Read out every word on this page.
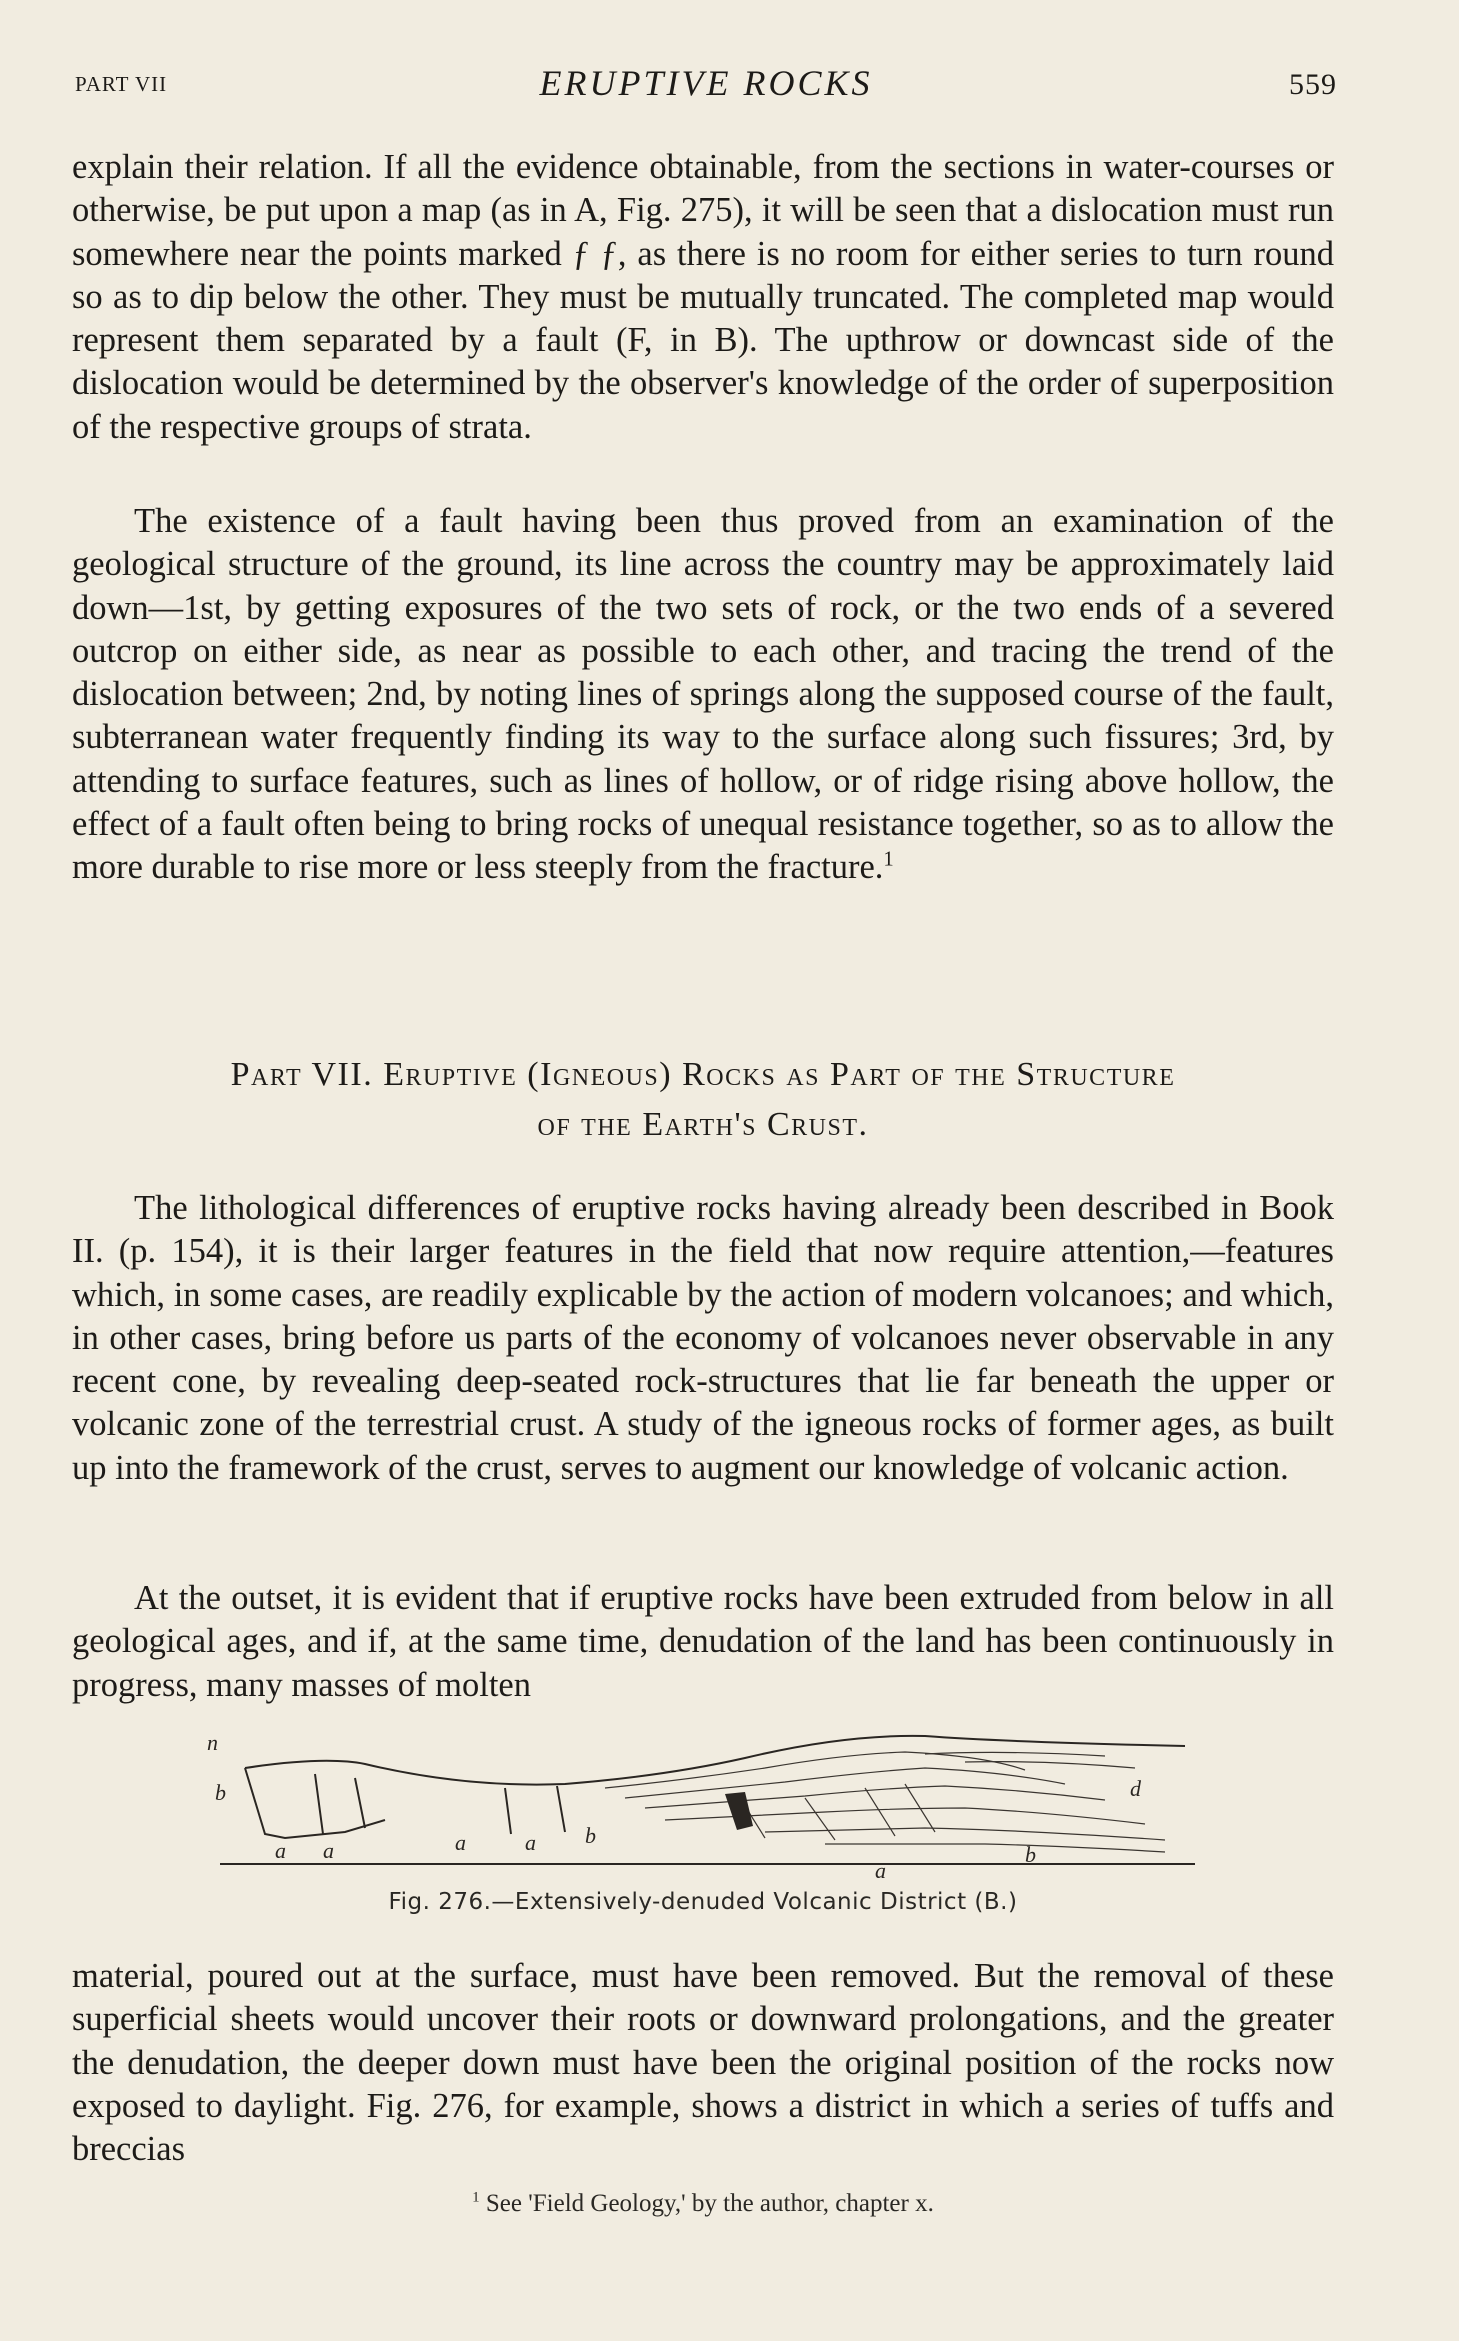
PART VII	ERUPTIVE ROCKS	559

explain their relation. If all the evidence obtainable, from the sections in water-courses or otherwise, be put upon a map (as in A, Fig. 275), it will be seen that a dislocation must run somewhere near the points marked ƒ ƒ, as there is no room for either series to turn round so as to dip below the other. They must be mutually truncated. The completed map would represent them separated by a fault (F, in B). The upthrow or downcast side of the dislocation would be determined by the observer's knowledge of the order of superposition of the respective groups of strata.

The existence of a fault having been thus proved from an examination of the geological structure of the ground, its line across the country may be approximately laid down—1st, by getting exposures of the two sets of rock, or the two ends of a severed outcrop on either side, as near as possible to each other, and tracing the trend of the dislocation between; 2nd, by noting lines of springs along the supposed course of the fault, subterranean water frequently finding its way to the surface along such fissures; 3rd, by attending to surface features, such as lines of hollow, or of ridge rising above hollow, the effect of a fault often being to bring rocks of unequal resistance together, so as to allow the more durable to rise more or less steeply from the fracture.$^1$

Part VII. Eruptive (Igneous) Rocks as Part of the Structure
of the Earth's Crust.

The lithological differences of eruptive rocks having already been described in Book II. (p. 154), it is their larger features in the field that now require attention,—features which, in some cases, are readily explicable by the action of modern volcanoes; and which, in other cases, bring before us parts of the economy of volcanoes never observable in any recent cone, by revealing deep-seated rock-structures that lie far beneath the upper or volcanic zone of the terrestrial crust. A study of the igneous rocks of former ages, as built up into the framework of the crust, serves to augment our knowledge of volcanic action.

At the outset, it is evident that if eruptive rocks have been extruded from below in all geological ages, and if, at the same time, denudation of the land has been continuously in progress, many masses of molten

n
b
a a	a	a b
d
a
b
Fig. 276.—Extensively-denuded Volcanic District (B.)

material, poured out at the surface, must have been removed. But the removal of these superficial sheets would uncover their roots or downward prolongations, and the greater the denudation, the deeper down must have been the original position of the rocks now exposed to daylight. Fig. 276, for example, shows a district in which a series of tuffs and breccias

$^1$ See 'Field Geology,' by the author, chapter x.
